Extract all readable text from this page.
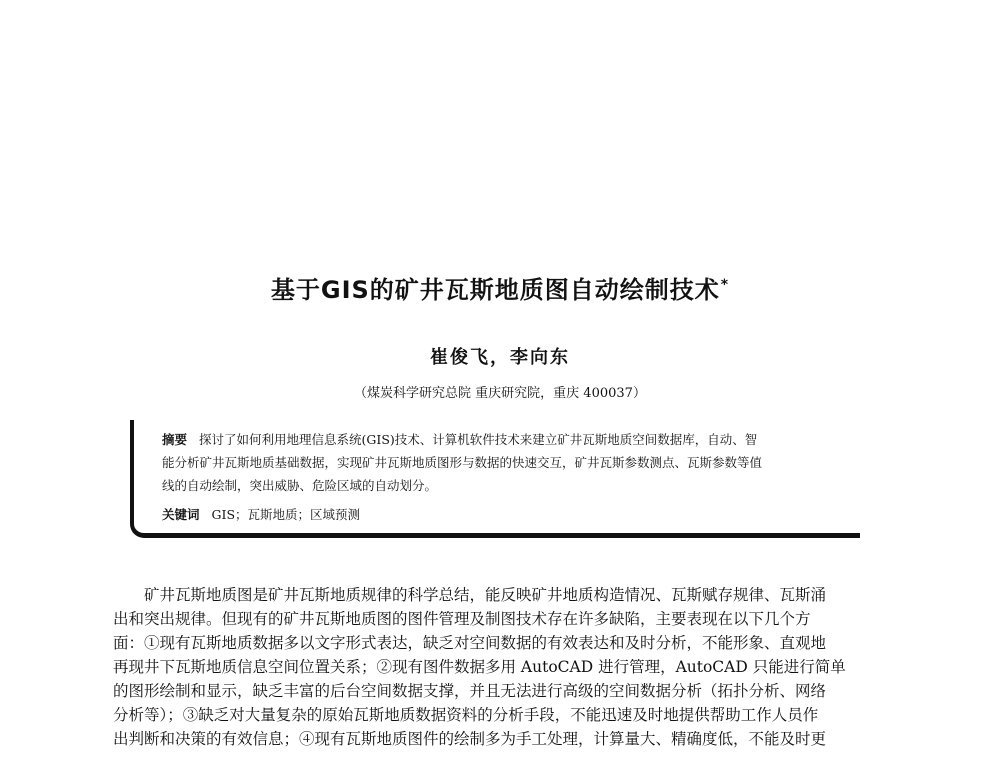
基于GIS的矿井瓦斯地质图自动绘制技术*
崔俊飞，李向东
（煤炭科学研究总院 重庆研究院，重庆 400037）
摘要 探讨了如何利用地理信息系统(GIS)技术、计算机软件技术来建立矿井瓦斯地质空间数据库，自动、智
能分析矿井瓦斯地质基础数据，实现矿井瓦斯地质图形与数据的快速交互，矿井瓦斯参数测点、瓦斯参数等值
线的自动绘制，突出威胁、危险区域的自动划分。
关键词 GIS；瓦斯地质；区域预测
矿井瓦斯地质图是矿井瓦斯地质规律的科学总结，能反映矿井地质构造情况、瓦斯赋存规律、瓦斯涌
出和突出规律。但现有的矿井瓦斯地质图的图件管理及制图技术存在许多缺陷，主要表现在以下几个方
面：①现有瓦斯地质数据多以文字形式表达，缺乏对空间数据的有效表达和及时分析，不能形象、直观地
再现井下瓦斯地质信息空间位置关系；②现有图件数据多用 AutoCAD 进行管理，AutoCAD 只能进行简单
的图形绘制和显示，缺乏丰富的后台空间数据支撑，并且无法进行高级的空间数据分析（拓扑分析、网络
分析等）；③缺乏对大量复杂的原始瓦斯地质数据资料的分析手段，不能迅速及时地提供帮助工作人员作
出判断和决策的有效信息；④现有瓦斯地质图件的绘制多为手工处理，计算量大、精确度低，不能及时更
